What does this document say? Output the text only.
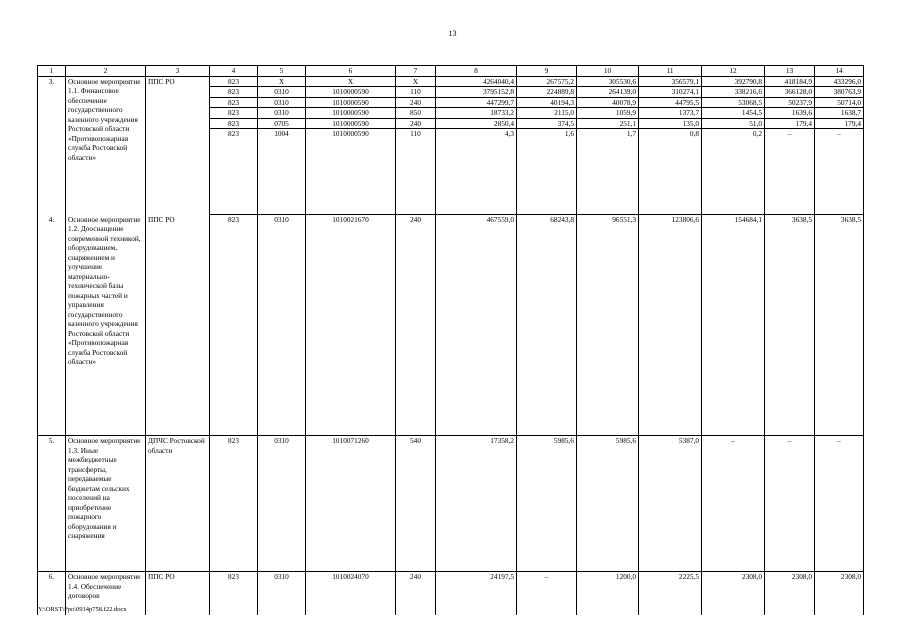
13
1	2	3	4	5	6	7	8	9	10	11	12	13	14
3.	Основное мероприятие 1.1. Финансовое обеспечение государственного казенного учреждения Ростовской области «Противопожарная служба Ростовской области»	ППС РО	823	Х	Х	Х	4264040,4	267575,2	305530,6	356579,1	392790,8	418184,9	433296,0
			823	0310	1010000590	110	3795152,8	224889,8	264139,0	310274,1	338216,6	366128,0	380763,9
			823	0310	1010000590	240	447299,7	40194,3	40078,9	44795,5	53068,5	50237,9	50714,0
			823	0310	1010000590	850	18733,2	2115,0	1059,9	1373,7	1454,5	1639,6	1638,7
			823	0705	1010000590	240	2850,4	374,5	251,1	135,0	51,0	179,4	179,4
			823	1004	1010000590	110	4,3	1,6	1,7	0,8	0,2	–	–

4.	Основное мероприятие 1.2. Дооснащение современной техникой, оборудованием, снаряжением и улучшение материально-технической базы пожарных частей и управления государственного казенного учреждения Ростовской области «Противопожарная служба Ростовской области»	ППС РО	823	0310	1010021670	240	467559,0	68243,8	96551,3	123806,6	154684,1	3638,5	3638,5
5.	Основное мероприятие 1.3. Иные межбюджетные трансферты, передаваемые бюджетам сельских поселений на приобретение пожарного оборудования и снаряжения	ДПЧС Ростовской области	823	0310	1010071260	540	17358,2	5985,6	5985,6	5387,0	–	–	–
6.	Основное мероприятие 1.4. Обеспечение договоров	ППС РО	823	0310	1010024070	240	24197,5	–	1200,0	2225,5	2308,0	2308,0	2308,0
Y:\ORST\Ppo\0914p758.f22.docx
